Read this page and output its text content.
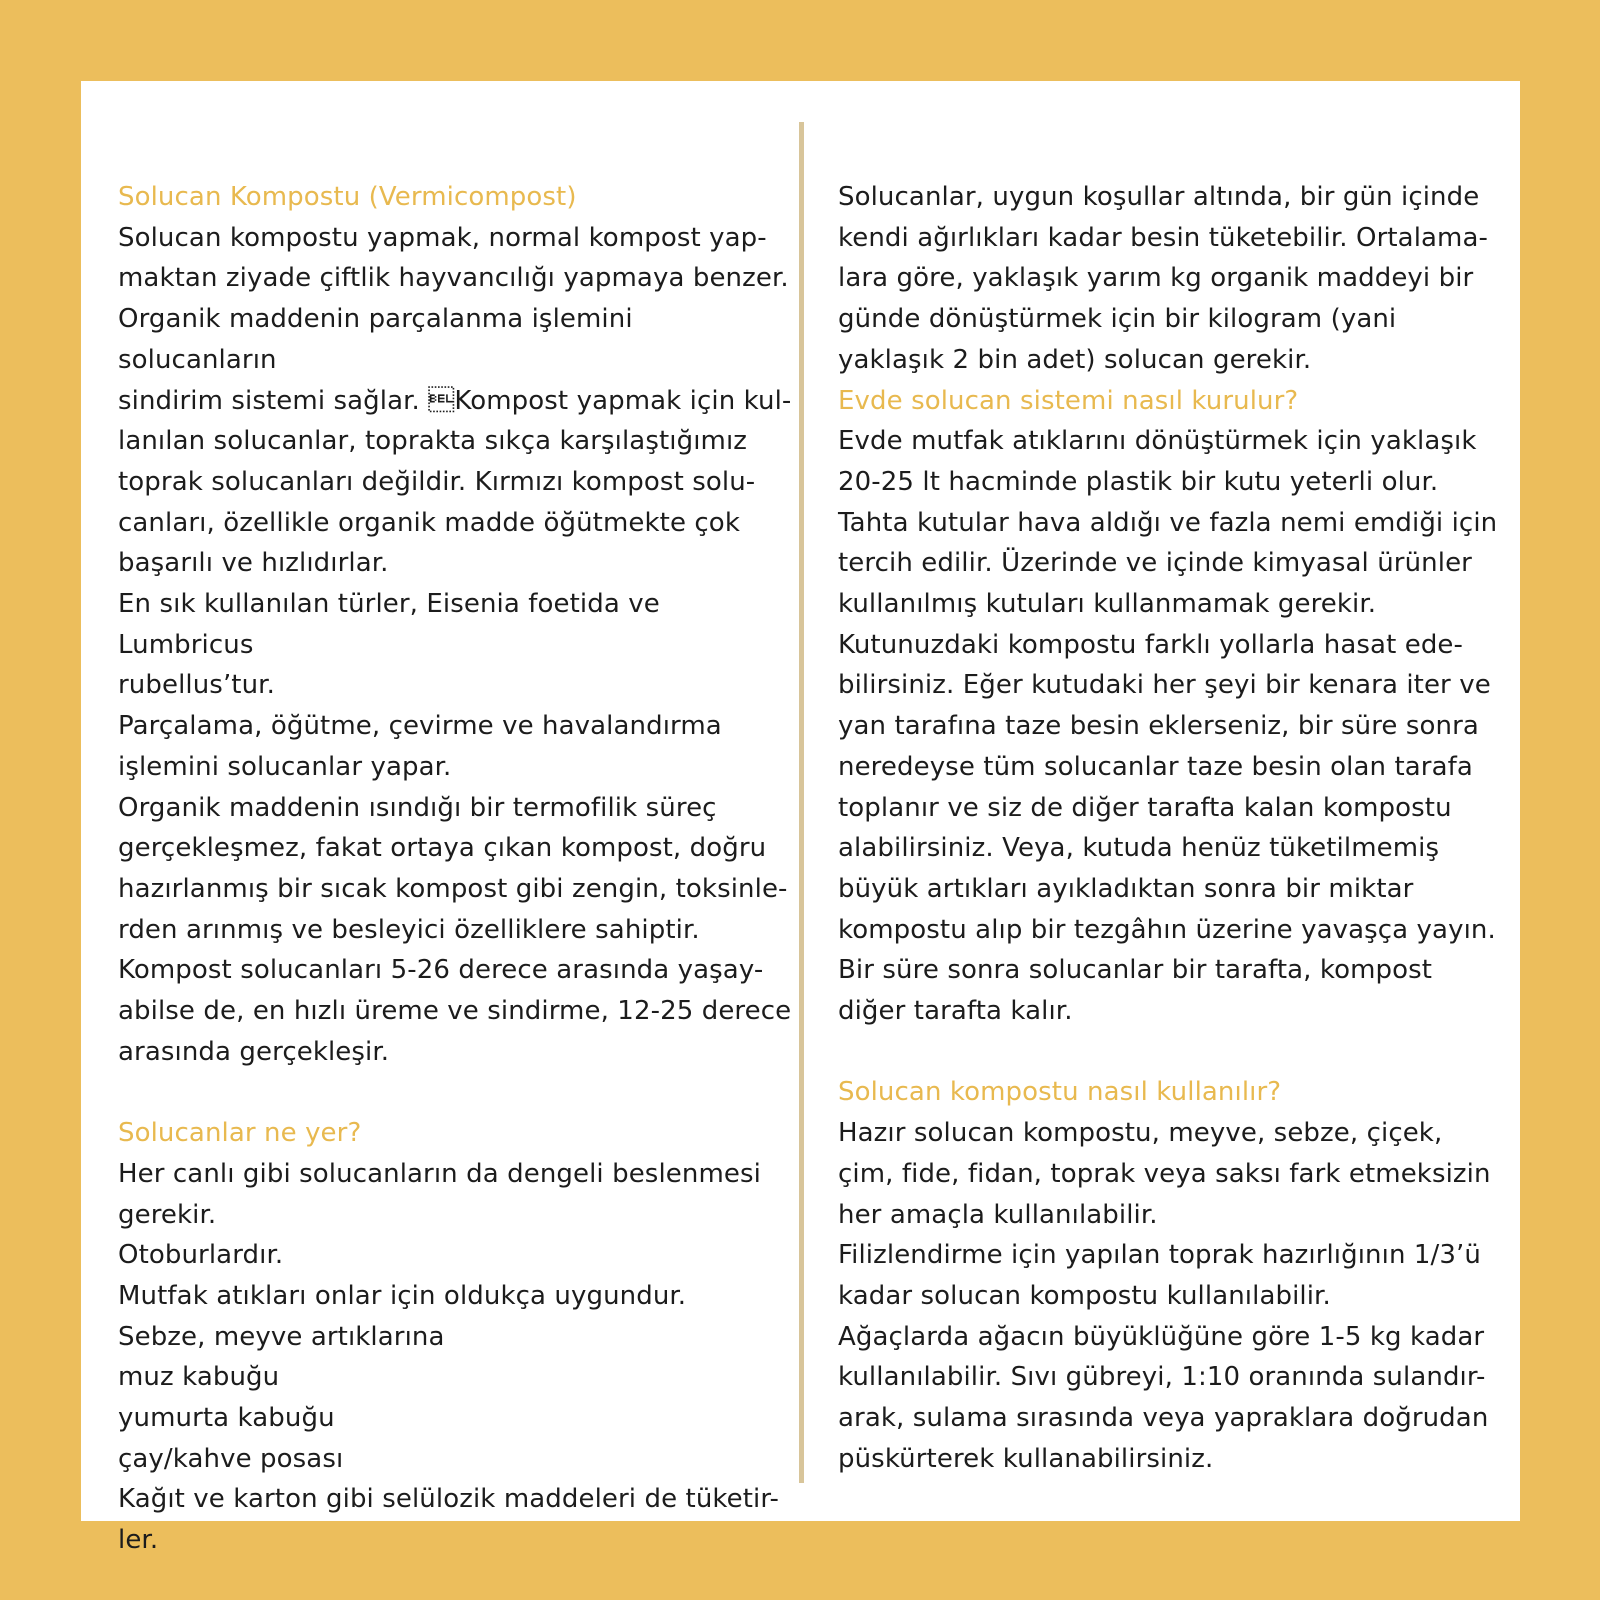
Solucan Kompostu (Vermicompost)

Solucan kompostu yapmak, normal kompost yap-
maktan ziyade çiftlik hayvancılığı yapmaya benzer.
Organik maddenin parçalanma işlemini solucanların
sindirim sistemi sağlar. Kompost yapmak için kul-
lanılan solucanlar, toprakta sıkça karşılaştığımız
toprak solucanları değildir. Kırmızı kompost solu-
canları, özellikle organik madde öğütmekte çok
başarılı ve hızlıdırlar.

En sık kullanılan türler, Eisenia foetida ve Lumbricus
rubellus’tur.

Parçalama, öğütme, çevirme ve havalandırma
işlemini solucanlar yapar.

Organik maddenin ısındığı bir termofilik süreç
gerçekleşmez, fakat ortaya çıkan kompost, doğru
hazırlanmış bir sıcak kompost gibi zengin, toksinle-
rden arınmış ve besleyici özelliklere sahiptir.

Kompost solucanları 5-26 derece arasında yaşay-
abilse de, en hızlı üreme ve sindirme, 12-25 derece
arasında gerçekleşir.

Solucanlar ne yer?

Her canlı gibi solucanların da dengeli beslenmesi
gerekir.

Otoburlardır.

Mutfak atıkları onlar için oldukça uygundur.

Sebze, meyve artıklarına

muz kabuğu

yumurta kabuğu

çay/kahve posası

Kağıt ve karton gibi selülozik maddeleri de tüketir-
ler.

Solucanlar, uygun koşullar altında, bir gün içinde
kendi ağırlıkları kadar besin tüketebilir. Ortalama-
lara göre, yaklaşık yarım kg organik maddeyi bir
günde dönüştürmek için bir kilogram (yani
yaklaşık 2 bin adet) solucan gerekir.

Evde solucan sistemi nasıl kurulur?

Evde mutfak atıklarını dönüştürmek için yaklaşık
20-25 lt hacminde plastik bir kutu yeterli olur.
Tahta kutular hava aldığı ve fazla nemi emdiği için
tercih edilir. Üzerinde ve içinde kimyasal ürünler
kullanılmış kutuları kullanmamak gerekir.

Kutunuzdaki kompostu farklı yollarla hasat ede-
bilirsiniz. Eğer kutudaki her şeyi bir kenara iter ve
yan tarafına taze besin eklerseniz, bir süre sonra
neredeyse tüm solucanlar taze besin olan tarafa
toplanır ve siz de diğer tarafta kalan kompostu
alabilirsiniz. Veya, kutuda henüz tüketilmemiş
büyük artıkları ayıkladıktan sonra bir miktar
kompostu alıp bir tezgâhın üzerine yavaşça yayın.
Bir süre sonra solucanlar bir tarafta, kompost
diğer tarafta kalır.

Solucan kompostu nasıl kullanılır?

Hazır solucan kompostu, meyve, sebze, çiçek,
çim, fide, fidan, toprak veya saksı fark etmeksizin
her amaçla kullanılabilir.

Filizlendirme için yapılan toprak hazırlığının 1/3’ü
kadar solucan kompostu kullanılabilir.

Ağaçlarda ağacın büyüklüğüne göre 1-5 kg kadar
kullanılabilir. Sıvı gübreyi, 1:10 oranında sulandır-
arak, sulama sırasında veya yapraklara doğrudan
püskürterek kullanabilirsiniz.
